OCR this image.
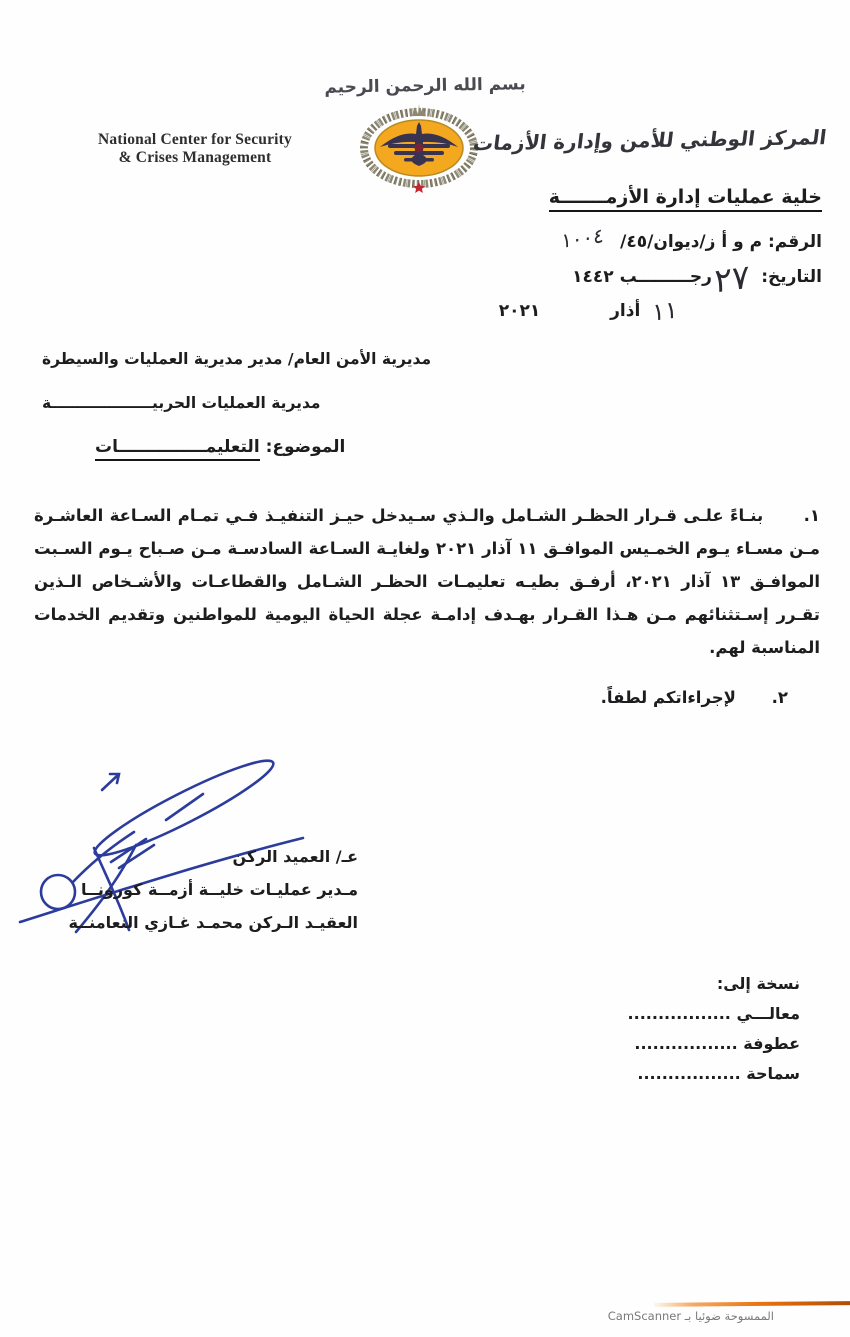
بسم الله الرحمن الرحيم
National Center for Security
& Crises Management
المركز الوطني للأمن وإدارة الأزمات
خلية عمليات إدارة الأزمـــــــة
الرقم: م و أ ز/ديوان/٤٥/ ١٠٠٤
التاريخ: ٢٧ رجـــــــــب ١٤٤٢
١١ أذار  ٢٠٢١
مديرية الأمن العام/ مدير مديرية العمليات والسيطرة
مديرية العمليات الحربيـــــــــــــــــــة
الموضوع: التعليمـــــــــــــــات

١. بنـاءً علـى قـرار الحظـر الشـامل والـذي سـيدخل حيـز التنفيـذ فـي تمـام السـاعة العاشـرة مـن مسـاء يـوم الخمـيس الموافـق ١١ آذار ٢٠٢١ ولغايـة السـاعة السادسـة مـن صـباح يـوم السـبت الموافـق ١٣ آذار ٢٠٢١، أرفـق بطيـه تعليمـات الحظـر الشـامل والقطاعـات والأشـخاص الـذين تقـرر إسـتثنائهم مـن هـذا القـرار بهـدف إدامـة عجلة الحياة اليومية للمواطنين وتقديم الخدمات المناسبة لهم.

٢. لإجراءاتكم لطفاً.
عـ/ العميد الركن
مـدير عمليـات خليــة أزمــة كورونــا
العقيـد الـركن محمـد غـازي النعامنــة
نسخة إلى:
معالـــي .................
عطوفة .................
سماحة .................
الممسوحة ضوئيا بـ CamScanner
